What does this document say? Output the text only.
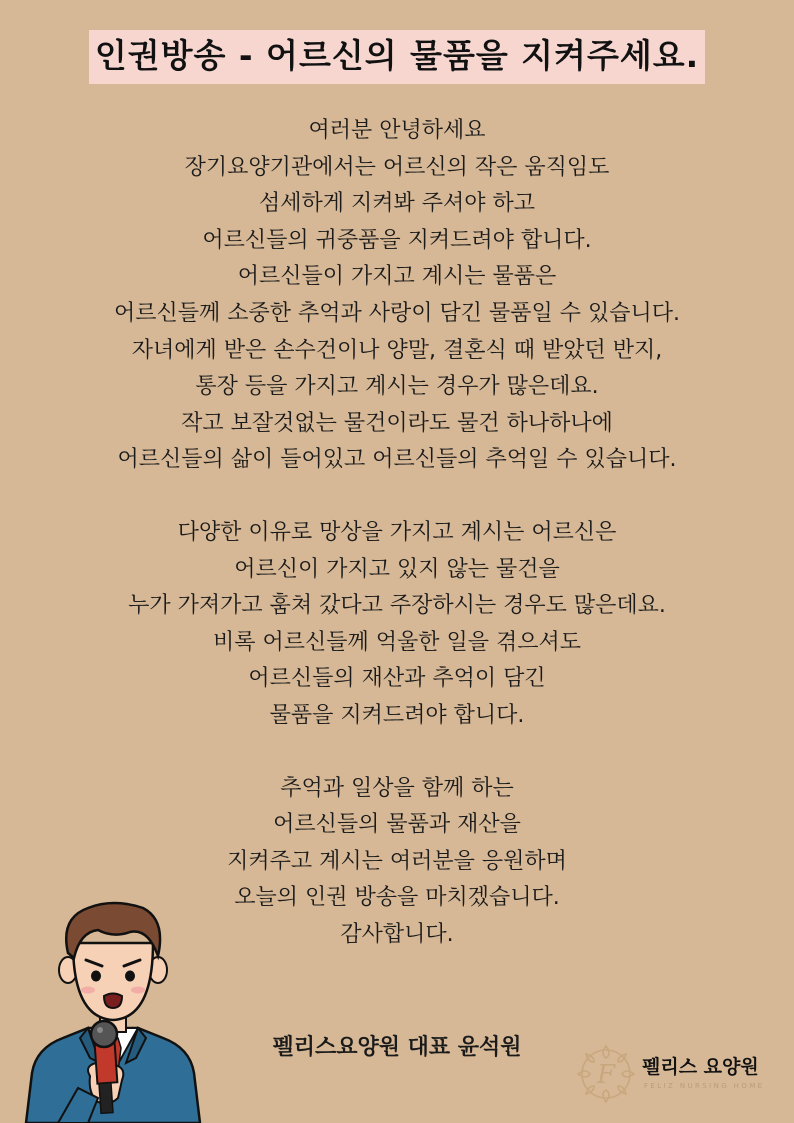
인권방송 - 어르신의 물품을 지켜주세요.
여러분 안녕하세요
장기요양기관에서는 어르신의 작은 움직임도
섬세하게 지켜봐 주셔야 하고
어르신들의 귀중품을 지켜드려야 합니다.
어르신들이 가지고 계시는 물품은
어르신들께 소중한 추억과 사랑이 담긴 물품일 수 있습니다.
자녀에게 받은 손수건이나 양말, 결혼식 때 받았던 반지,
통장 등을 가지고 계시는 경우가 많은데요.
작고 보잘것없는 물건이라도 물건 하나하나에
어르신들의 삶이 들어있고 어르신들의 추억일 수 있습니다.
다양한 이유로 망상을 가지고 계시는 어르신은
어르신이 가지고 있지 않는 물건을
누가 가져가고 훔쳐 갔다고 주장하시는 경우도 많은데요.
비록 어르신들께 억울한 일을 겪으셔도
어르신들의 재산과 추억이 담긴
물품을 지켜드려야 합니다.
추억과 일상을 함께 하는
어르신들의 물품과 재산을
지켜주고 계시는 여러분을 응원하며
오늘의 인권 방송을 마치겠습니다.
감사합니다.
펠리스요양원 대표 윤석원
F 펠리스 요양원
FELIZ NURSING HOME
